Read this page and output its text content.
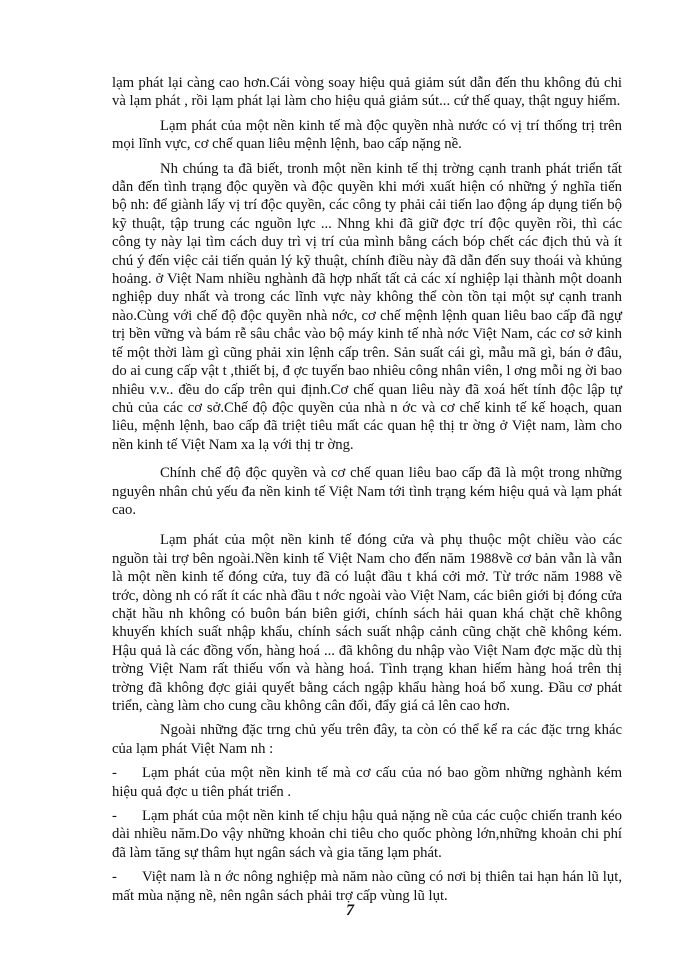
lạm phát lại càng cao hơn.Cái vòng soay hiệu quả giảm sút dẫn đến thu không đủ chi và lạm phát , rồi lạm phát lại làm cho hiệu quả giảm sút... cứ thế quay, thật nguy hiểm.

Lạm phát của một nền kinh tế mà độc quyền nhà nước có vị trí thống trị trên mọi lĩnh vực, cơ chế quan liêu mệnh lệnh, bao cấp nặng nề.

Nh chúng ta đã biết, tronh một nền kinh tế thị trờng cạnh tranh phát triển tất dẫn đến tình trạng độc quyền và độc quyền khi mới xuất hiện có những ý nghĩa tiến bộ nh: để giành lấy vị trí độc quyền, các công ty phải cải tiến lao động áp dụng tiến bộ kỹ thuật, tập trung các nguồn lực ... Nhng khi đã giữ đợc trí độc quyền rồi, thì các công ty này lại tìm cách duy trì vị trí của mình bằng cách bóp chết các địch thủ và ít chú ý đến việc cải tiến quản lý kỹ thuật, chính điều này đã dẫn đến suy thoái và khủng hoảng. ở Việt Nam nhiều nghành đã hợp nhất tất cả các xí nghiệp lại thành một doanh nghiệp duy nhất và trong các lĩnh vực này không thể còn tồn tại một sự cạnh tranh nào.Cùng với chế độ độc quyền nhà nớc, cơ chế mệnh lệnh quan liêu bao cấp đã ngự trị bền vững và bám rễ sâu chắc vào bộ máy kinh tế nhà nớc Việt Nam, các cơ sở kinh tế một thời làm gì cũng phải xin lệnh cấp trên. Sản suất cái gì, mẫu mã gì, bán ở đâu, do ai cung cấp vật t ,thiết bị, đ ợc tuyển bao nhiêu công nhân viên, l ơng mỗi ng ời bao nhiêu v.v.. đều do cấp trên qui định.Cơ chế quan liêu này đã xoá hết tính độc lập tự chủ của các cơ sở.Chế độ độc quyền của nhà n ớc và cơ chế kinh tế kế hoạch, quan liêu, mệnh lệnh, bao cấp đã triệt tiêu mất các quan hệ thị tr ờng ở Việt nam, làm cho nền kinh tế Việt Nam xa lạ với thị tr ờng.

Chính chế độ độc quyền và cơ chế quan liêu bao cấp đã là một trong những nguyên nhân chủ yếu đa nền kinh tế Việt Nam tới tình trạng kém hiệu quả và lạm phát cao.

Lạm phát của một nền kinh tế đóng cửa và phụ thuộc một chiều vào các nguồn tài trợ bên ngoài.Nền kinh tế Việt Nam cho đến năm 1988về cơ bản vẫn là vẫn là một nền kinh tế đóng cửa, tuy đã có luật đầu t khá cởi mở. Từ trớc năm 1988 về trớc, dòng nh có rất ít các nhà đầu t nớc ngoài vào Việt Nam, các biên giới bị đóng cửa chặt hầu nh không có buôn bán biên giới, chính sách hải quan khá chặt chẽ không khuyến khích suất nhập khẩu, chính sách suất nhập cảnh cũng chặt chẽ không kém. Hậu quả là các đồng vốn, hàng hoá ... đã không du nhập vào Việt Nam đợc mặc dù thị trờng Việt Nam rất thiếu vốn và hàng hoá. Tình trạng khan hiếm hàng hoá trên thị trờng đã không đợc giải quyết bằng cách ngập khẩu hàng hoá bổ xung. Đầu cơ phát triển, càng làm cho cung cầu không cân đối, đẩy giá cả lên cao hơn.

Ngoài những đặc trng chủ yếu trên đây, ta còn có thể kể ra các đặc trng khác của lạm phát Việt Nam nh :

- Lạm phát của một nền kinh tế mà cơ cấu của nó bao gồm những nghành kém hiệu quả đợc u tiên phát triển .

- Lạm phát của một nền kinh tế chịu hậu quả nặng nề của các cuộc chiến tranh kéo dài nhiều năm.Do vậy những khoản chi tiêu cho quốc phòng lớn,những khoản chi phí đã làm tăng sự thâm hụt ngân sách và gia tăng lạm phát.

- Việt nam là n ớc nông nghiệp mà năm nào cũng có nơi bị thiên tai hạn hán lũ lụt, mất mùa nặng nề, nên ngân sách phải trợ cấp vùng lũ lụt.

7
